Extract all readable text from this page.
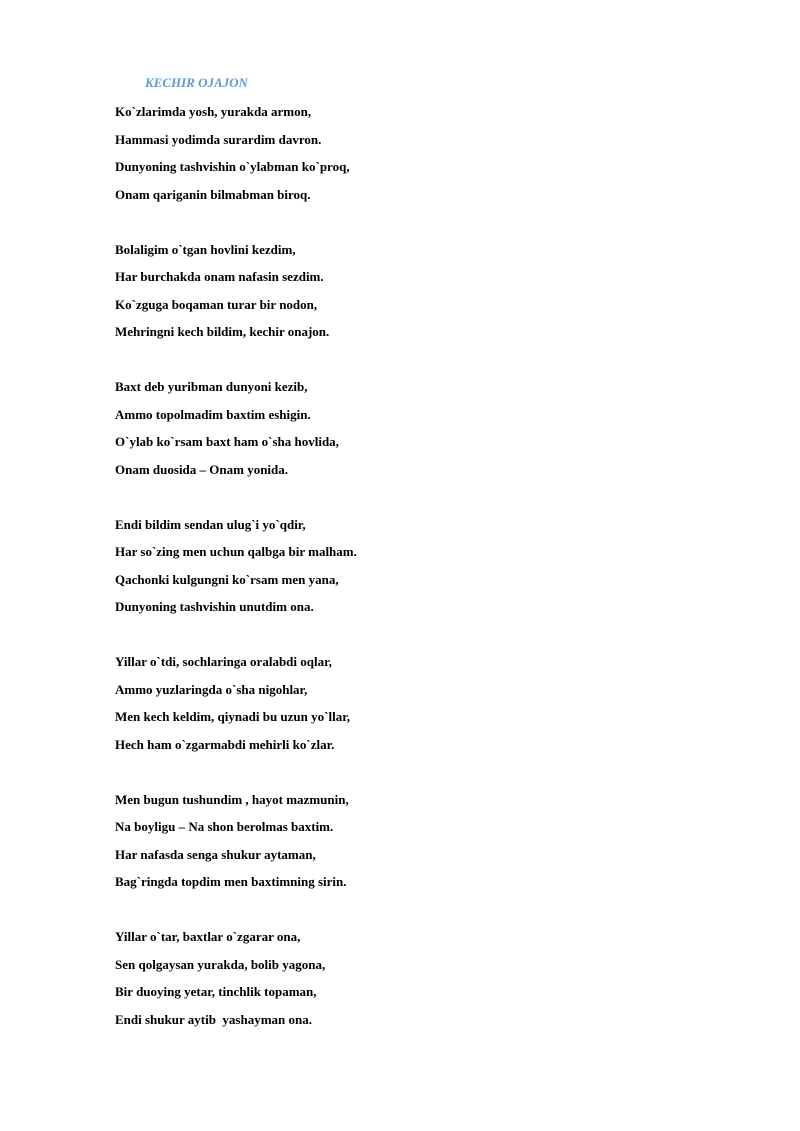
KECHIR OJAJON
Ko`zlarimda yosh, yurakda armon,
Hammasi yodimda surardim davron.
Dunyoning tashvishin o`ylabman ko`proq,
Onam qariganin bilmabman biroq.
Bolaligim o`tgan hovlini kezdim,
Har burchakda onam nafasin sezdim.
Ko`zguga boqaman turar bir nodon,
Mehringni kech bildim, kechir onajon.
Baxt deb yuribman dunyoni kezib,
Ammo topolmadim baxtim eshigin.
O`ylab ko`rsam baxt ham o`sha hovlida,
Onam duosida – Onam yonida.
Endi bildim sendan ulug`i yo`qdir,
Har so`zing men uchun qalbga bir malham.
Qachonki kulgungni ko`rsam men yana,
Dunyoning tashvishin unutdim ona.
Yillar o`tdi, sochlaringa oralabdi oqlar,
Ammo yuzlaringda o`sha nigohlar,
Men kech keldim, qiynadi bu uzun yo`llar,
Hech ham o`zgarmabdi mehirli ko`zlar.
Men bugun tushundim , hayot mazmunin,
Na boyligu – Na shon berolmas baxtim.
Har nafasda senga shukur aytaman,
Bag`ringda topdim men baxtimning sirin.
Yillar o`tar, baxtlar o`zgarar ona,
Sen qolgaysan yurakda, bolib yagona,
Bir duoying yetar, tinchlik topaman,
Endi shukur aytib  yashayman ona.
